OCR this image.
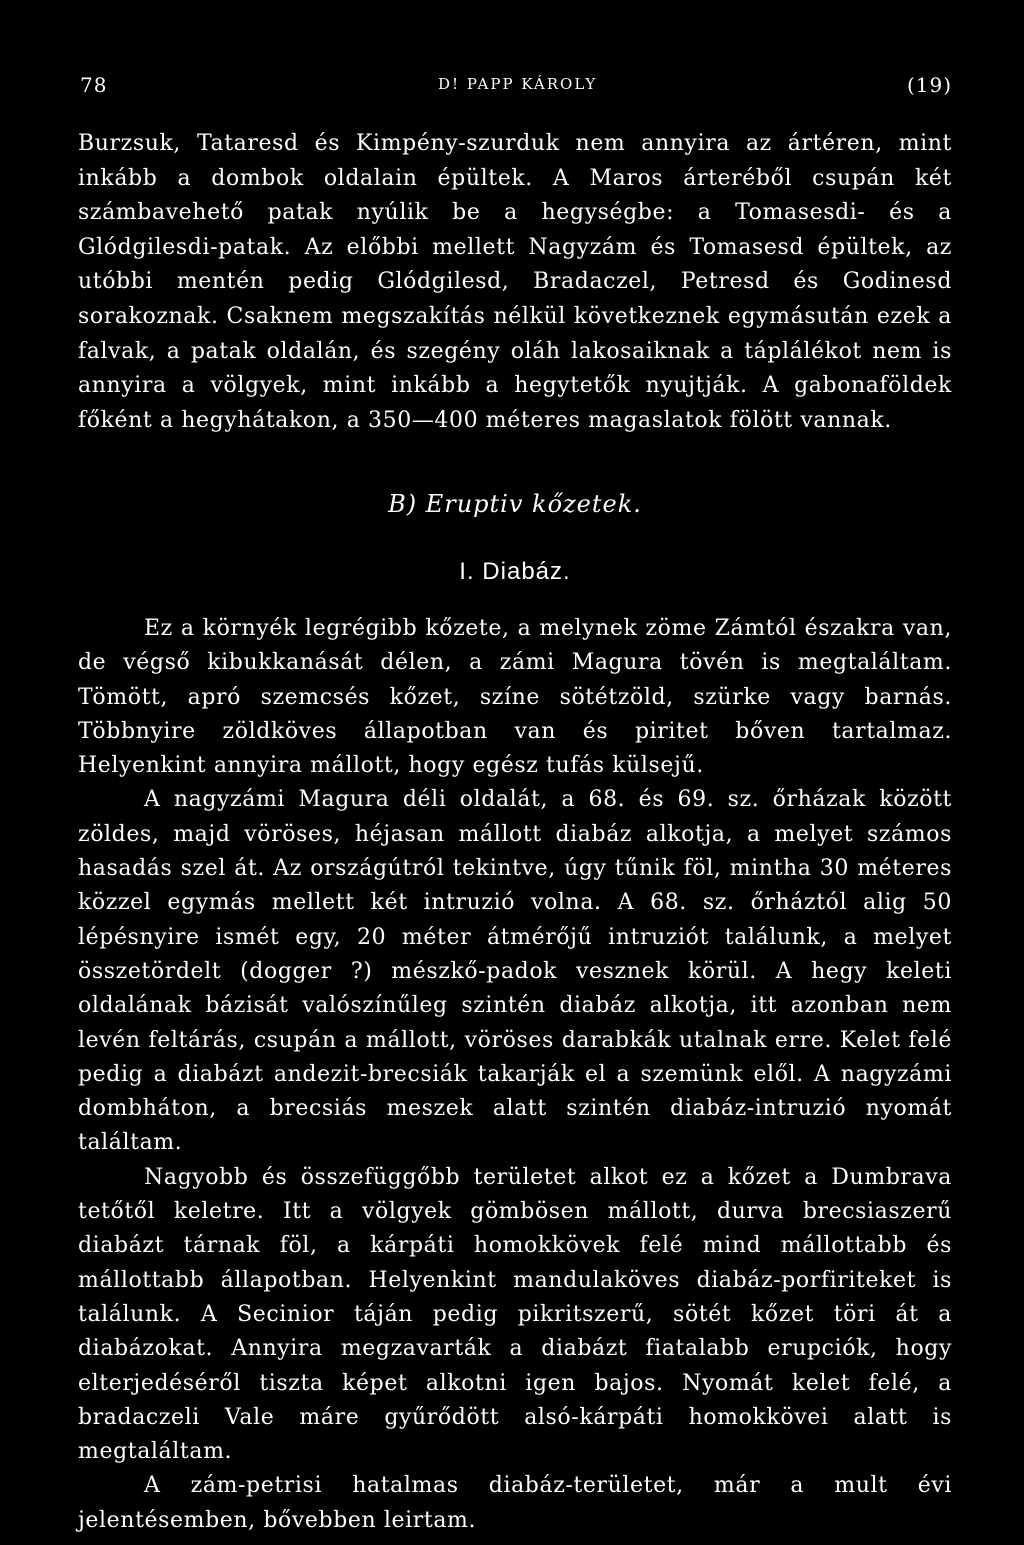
78	D! PAPP KÁROLY	(19)

Burzsuk, Tataresd és Kimpény-szurduk nem annyira az ártéren, mint inkább a dombok oldalain épültek. A Maros árteréből csupán két számbavehető patak nyúlik be a hegységbe: a Tomasesdi- és a Glódgilesdi-patak. Az előbbi mellett Nagyzám és Tomasesd épültek, az utóbbi mentén pedig Glódgilesd, Bradaczel, Petresd és Godinesd sorakoznak. Csaknem megszakítás nélkül következnek egymásután ezek a falvak, a patak oldalán, és szegény oláh lakosaiknak a táplálékot nem is annyira a völgyek, mint inkább a hegytetők nyujtják. A gabonaföldek főként a hegyhátakon, a 350—400 méteres magaslatok fölött vannak.

B) Eruptiv kőzetek.
I. Diabáz.

Ez a környék legrégibb kőzete, a melynek zöme Zámtól északra van, de végső kibukkanását délen, a zámi Magura tövén is megtaláltam. Tömött, apró szemcsés kőzet, színe sötétzöld, szürke vagy barnás. Többnyire zöldköves állapotban van és piritet bőven tartalmaz. Helyenkint annyira mállott, hogy egész tufás külsejű.

A nagyzámi Magura déli oldalát, a 68. és 69. sz. őrházak között zöldes, majd vöröses, héjasan mállott diabáz alkotja, a melyet számos hasadás szel át. Az országútról tekintve, úgy tűnik föl, mintha 30 méteres közzel egymás mellett két intruzió volna. A 68. sz. őrháztól alig 50 lépésnyire ismét egy, 20 méter átmérőjű intruziót találunk, a melyet összetördelt (dogger ?) mészkő-padok vesznek körül. A hegy keleti oldalának bázisát valószínűleg szintén diabáz alkotja, itt azonban nem levén feltárás, csupán a mállott, vöröses darabkák utalnak erre. Kelet felé pedig a diabázt andezit-brecsiák takarják el a szemünk elől. A nagyzámi dombháton, a brecsiás meszek alatt szintén diabáz-intruzió nyomát találtam.

Nagyobb és összefüggőbb területet alkot ez a kőzet a Dumbrava tetőtől keletre. Itt a völgyek gömbösen mállott, durva brecsiaszerű diabázt tárnak föl, a kárpáti homokkövek felé mind mállottabb és mállottabb állapotban. Helyenkint mandulaköves diabáz-porfiriteket is találunk. A Secinior táján pedig pikritszerű, sötét kőzet töri át a diabázokat. Annyira megzavarták a diabázt fiatalabb erupciók, hogy elterjedéséről tiszta képet alkotni igen bajos. Nyomát kelet felé, a bradaczeli Vale máre gyűrődött alsó-kárpáti homokkövei alatt is megtaláltam.

A zám-petrisi hatalmas diabáz-területet, már a mult évi jelentésemben, bővebben leirtam.
